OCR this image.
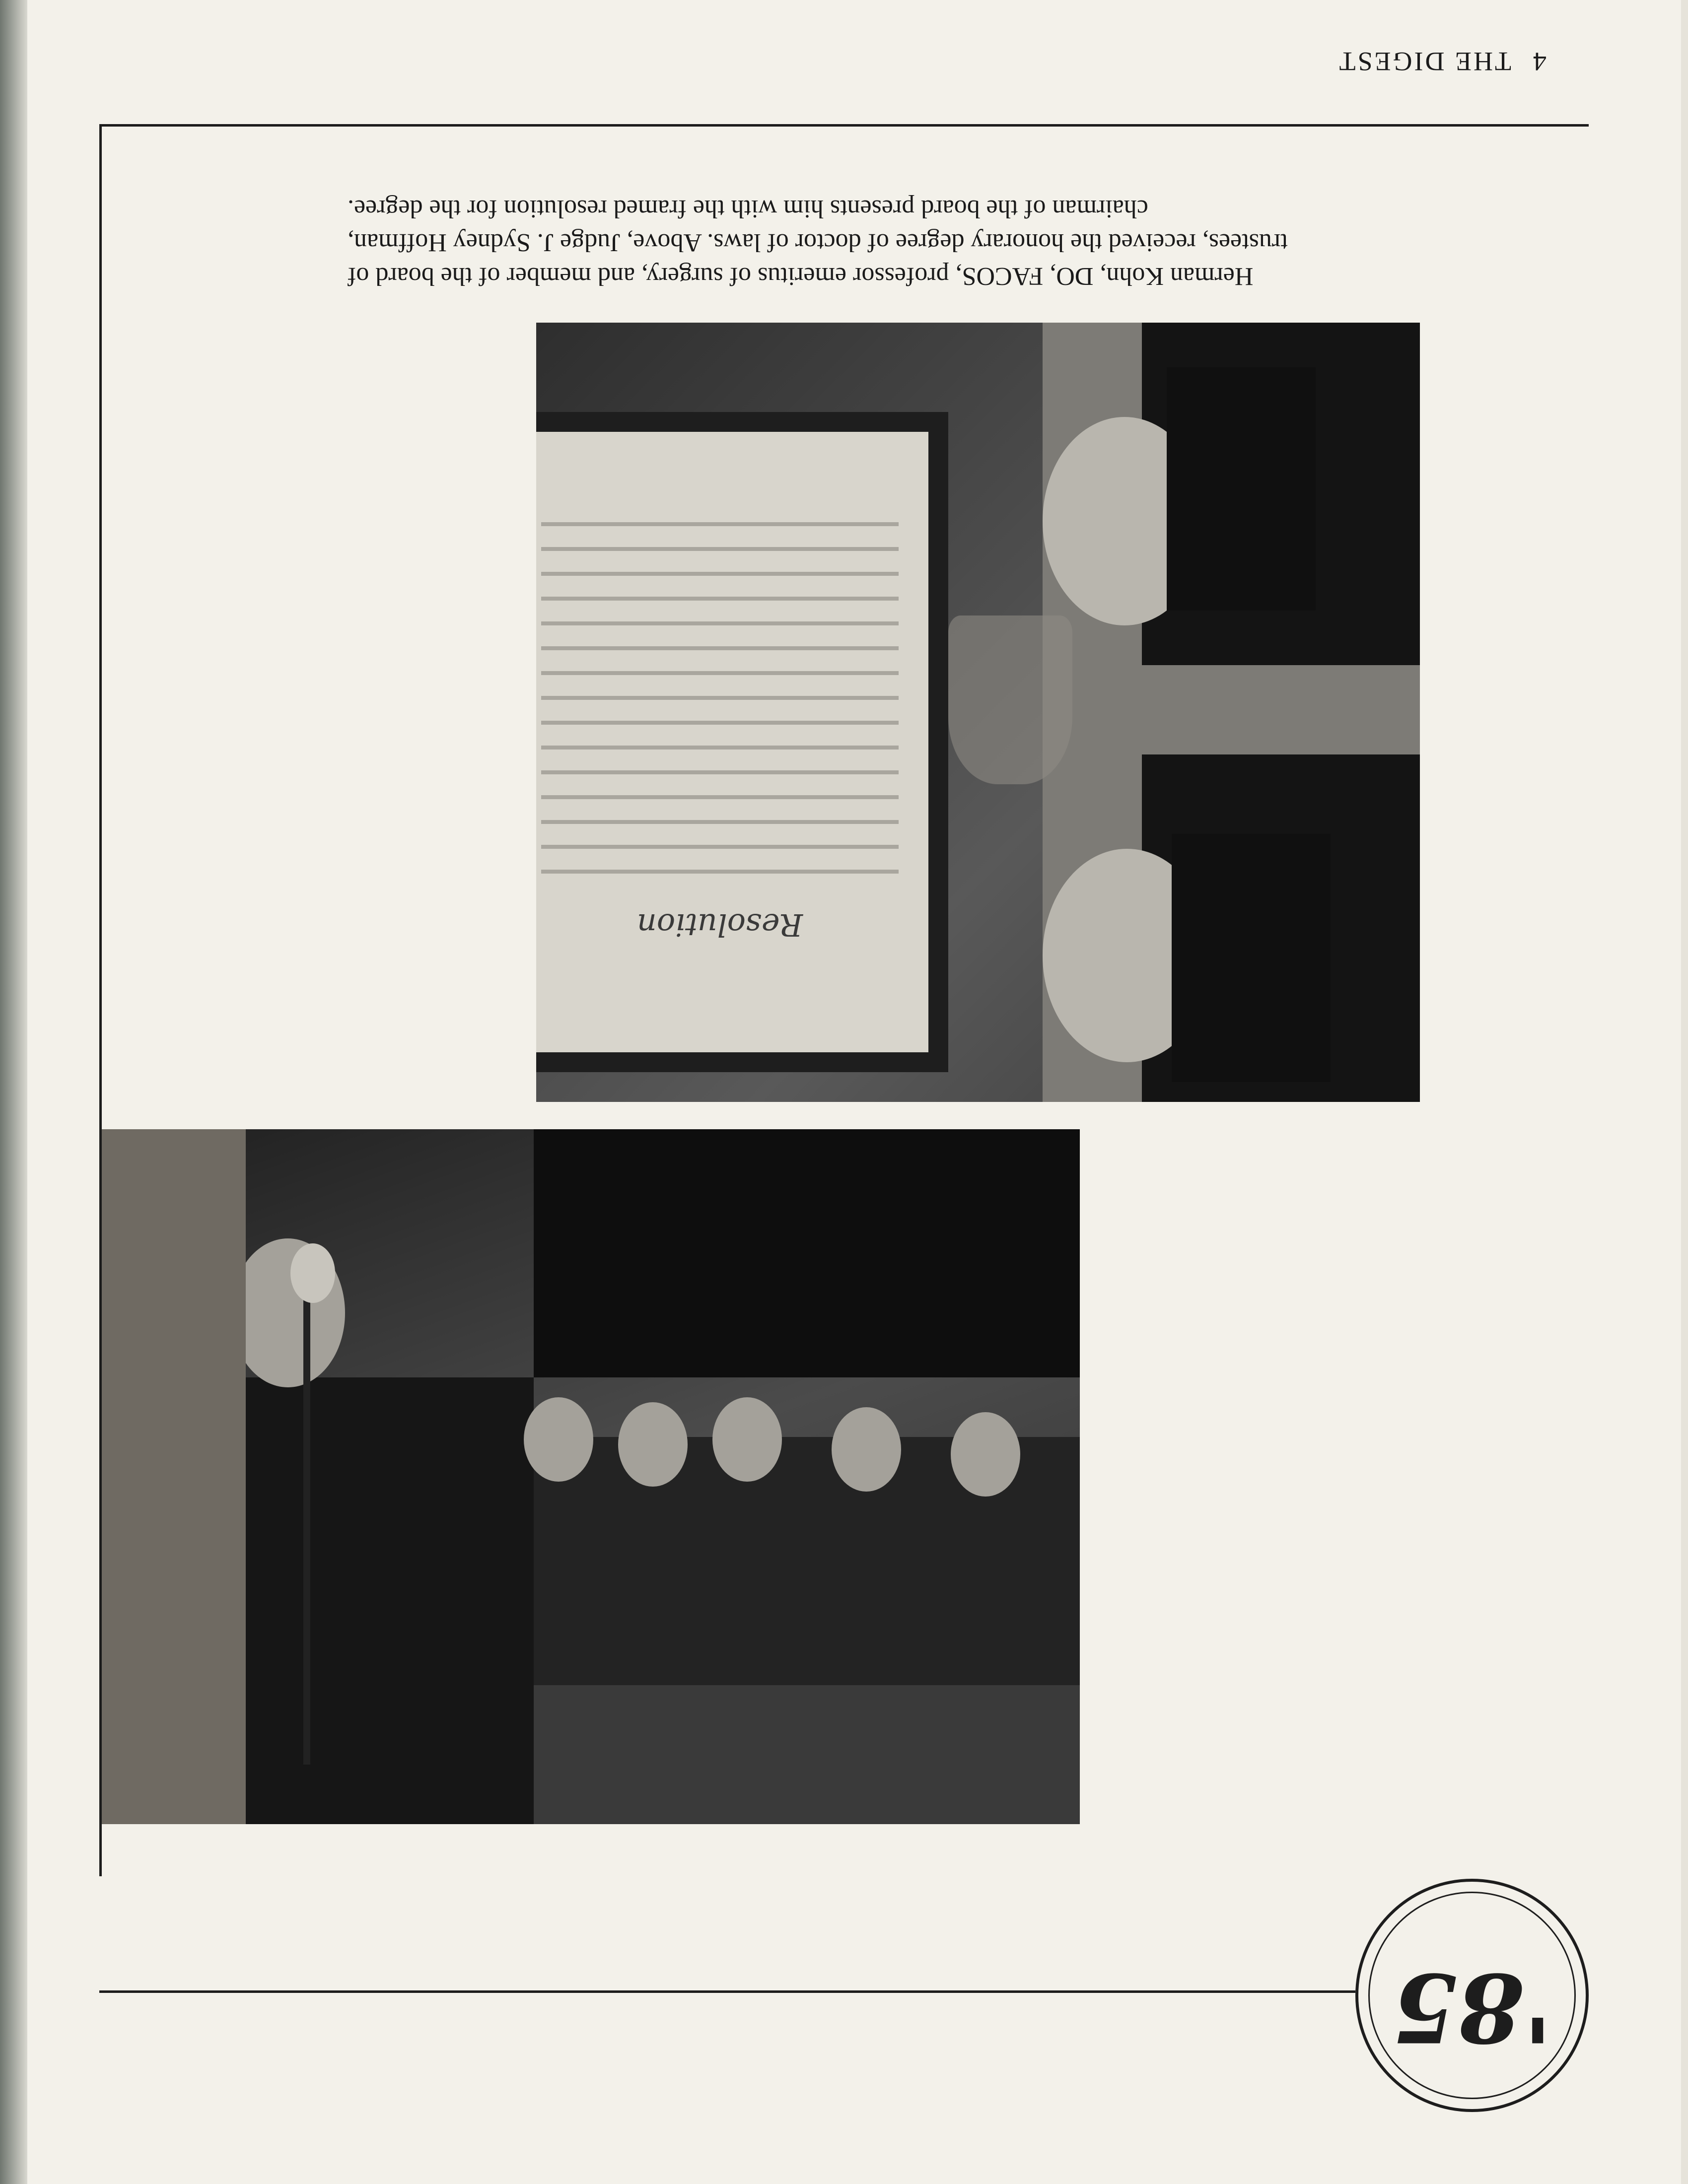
4THE DIGEST
Herman Kohn, DO, FACOS, professor emeritus of surgery, and member of the board of trustees, received the honorary degree of doctor of laws. Above, Judge J. Sydney Hoffman, chairman of the board presents him with the framed resolution for the degree.
Resolution
'85
